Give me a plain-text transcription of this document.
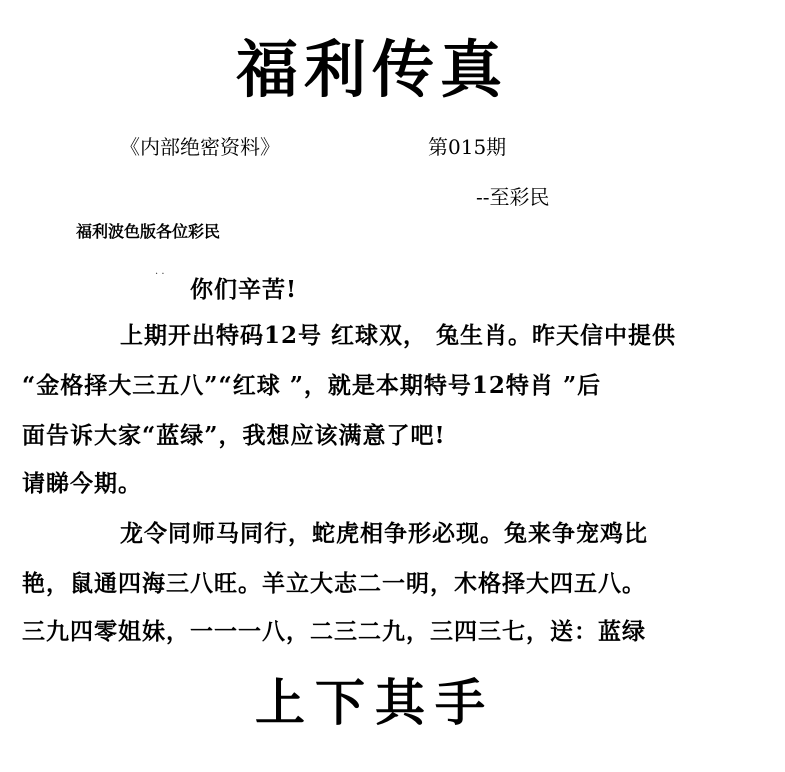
福利传真
《内部绝密资料》	第015期
--至彩民
福利波色版各位彩民
· ·
你们辛苦!
上期开出特码12号 红球双， 兔生肖。昨天信中提供
“金格择大三五八”“红球 ”，就是本期特号12特肖 ”后
面告诉大家“蓝绿”，我想应该满意了吧!
请睇今期。
龙令同师马同行，蛇虎相争形必现。兔来争宠鸡比
艳，鼠通四海三八旺。羊立大志二一明，木格择大四五八。
三九四零姐妹，一一一八，二三二九，三四三七，送：蓝绿
上下其手
